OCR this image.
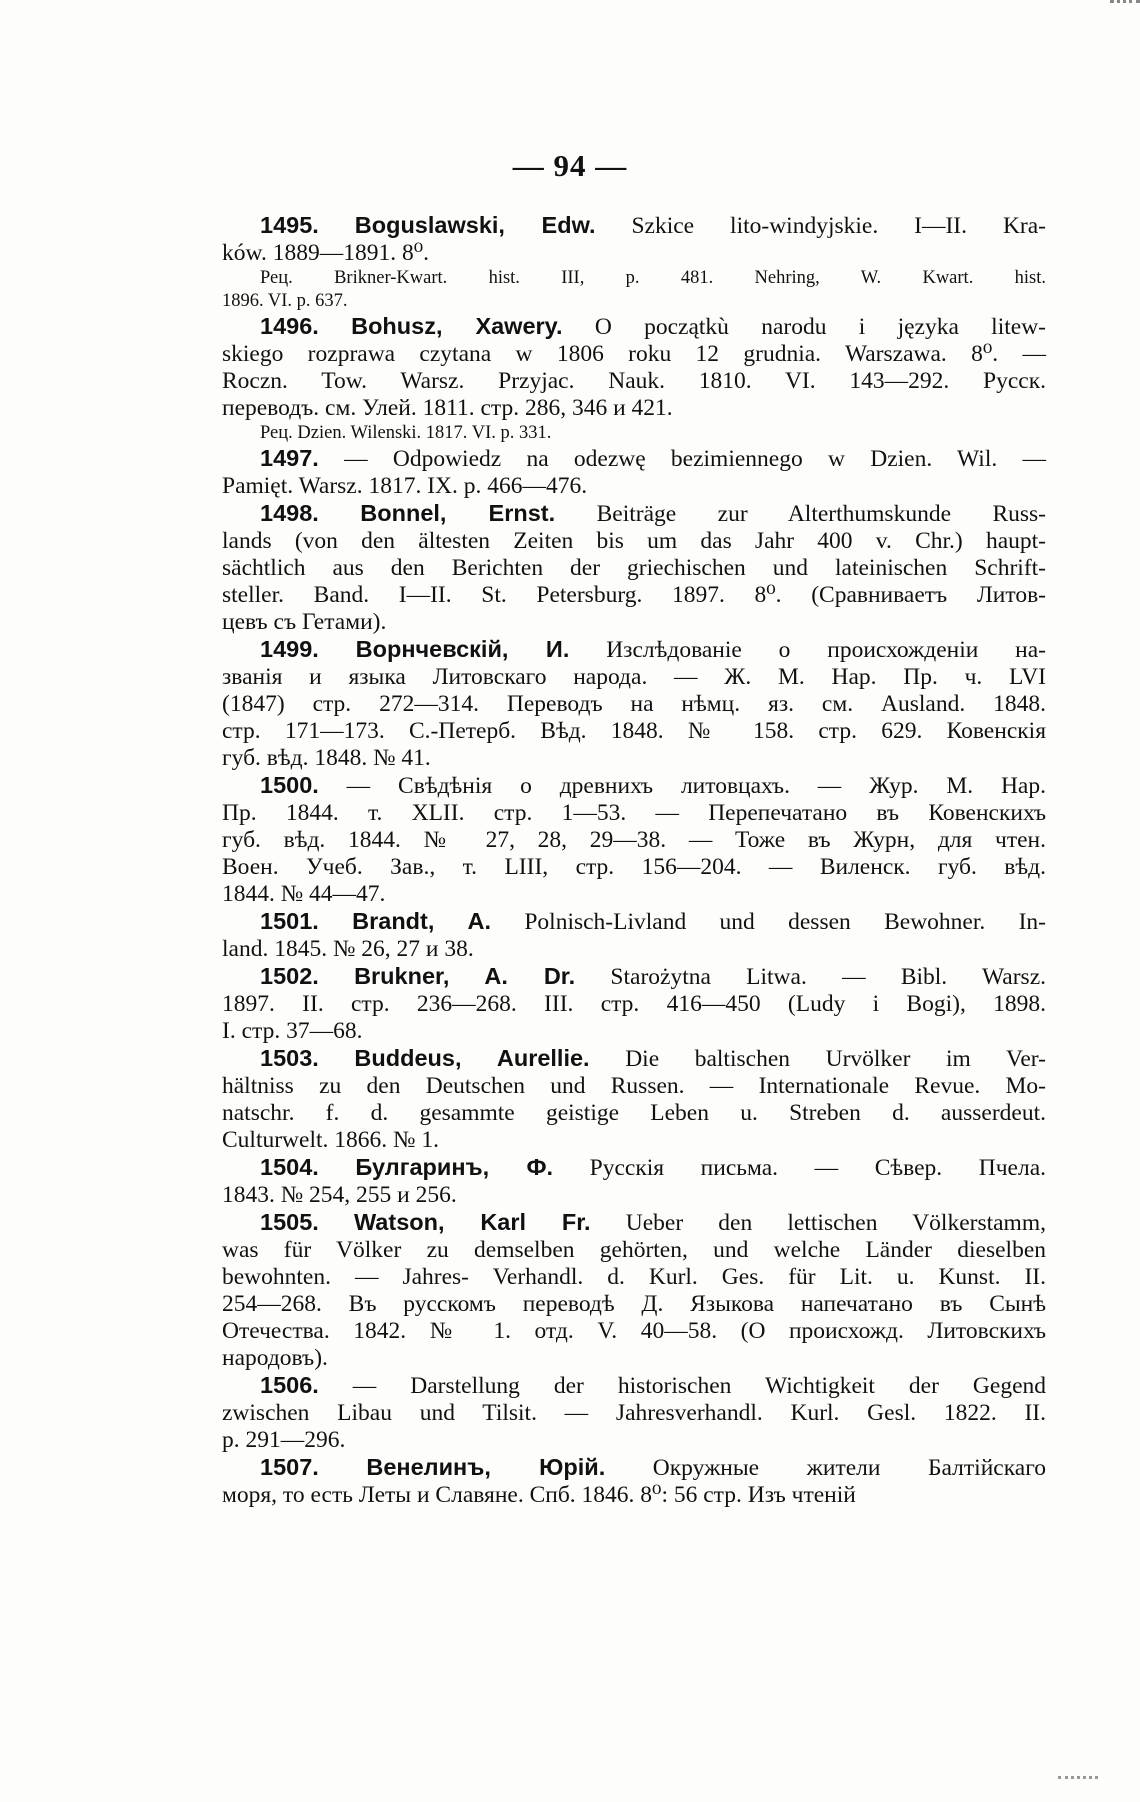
— 94 —
1495. Boguslawski, Edw. Szkice lito-windyjskie. I—II. Kra-
ków. 1889—1891. 8⁰.
Рец. Brikner-Kwart. hist. III, p. 481. Nehring, W. Kwart. hist.
1896. VI. p. 637.
1496. Bohusz, Xawery. O początkù narodu i języka litew-
skiego rozprawa czytana w 1806 roku 12 grudnia. Warszawa. 8⁰. —
Roczn. Tow. Warsz. Przyjac. Nauk. 1810. VI. 143—292. Русск.
переводъ. см. Улей. 1811. стр. 286, 346 и 421.
Рец. Dzien. Wilenski. 1817. VI. p. 331.
1497. — Odpowiedz na odezwę bezimiennego w Dzien. Wil. —
Pamięt. Warsz. 1817. IX. p. 466—476.
1498. Bonnel, Ernst. Beiträge zur Alterthumskunde Russ-
lands (von den ältesten Zeiten bis um das Jahr 400 v. Chr.) haupt-
sächtlich aus den Berichten der griechischen und lateinischen Schrift-
steller. Band. I—II. St. Petersburg. 1897. 8⁰. (Сравниваетъ Литов-
цевъ съ Гетами).
1499. Ворнчевскій, И. Изслѣдованіе о происхожденіи на-
званія и языка Литовскаго народа. — Ж. М. Нар. Пр. ч. LVI
(1847) стр. 272—314. Переводъ на нѣмц. яз. см. Ausland. 1848.
стр. 171—173. С.-Петерб. Вѣд. 1848. № 158. стр. 629. Ковенскія
губ. вѣд. 1848. № 41.
1500. — Свѣдѣнія о древнихъ литовцахъ. — Жур. М. Нар.
Пр. 1844. т. XLII. стр. 1—53. — Перепечатано въ Ковенскихъ
губ. вѣд. 1844. № 27, 28, 29—38. — Тоже въ Журн, для чтен.
Воен. Учеб. Зав., т. LIII, стр. 156—204. — Виленск. губ. вѣд.
1844. № 44—47.
1501. Brandt, A. Polnisch-Livland und dessen Bewohner. In-
land. 1845. № 26, 27 и 38.
1502. Brukner, A. Dr. Starożytna Litwa. — Bibl. Warsz.
1897. II. стр. 236—268. III. стр. 416—450 (Ludy i Bogi), 1898.
I. стр. 37—68.
1503. Buddeus, Aurellie. Die baltischen Urvölker im Ver-
hältniss zu den Deutschen und Russen. — Internationale Revue. Mo-
natschr. f. d. gesammte geistige Leben u. Streben d. ausserdeut.
Culturwelt. 1866. № 1.
1504. Булгаринъ, Ф. Русскія письма. — Сѣвер. Пчела.
1843. № 254, 255 и 256.
1505. Watson, Karl Fr. Ueber den lettischen Völkerstamm,
was für Völker zu demselben gehörten, und welche Länder dieselben
bewohnten. — Jahres- Verhandl. d. Kurl. Ges. für Lit. u. Kunst. II.
254—268. Въ русскомъ переводѣ Д. Языкова напечатано въ Сынѣ
Отечества. 1842. № 1. отд. V. 40—58. (О происхожд. Литовскихъ
народовъ).
1506. — Darstellung der historischen Wichtigkeit der Gegend
zwischen Libau und Tilsit. — Jahresverhandl. Kurl. Gesl. 1822. II.
p. 291—296.
1507. Венелинъ, Юрій. Окружные жители Балтійскаго
моря, то есть Леты и Славяне. Спб. 1846. 8⁰: 56 стр. Изъ чтеній
